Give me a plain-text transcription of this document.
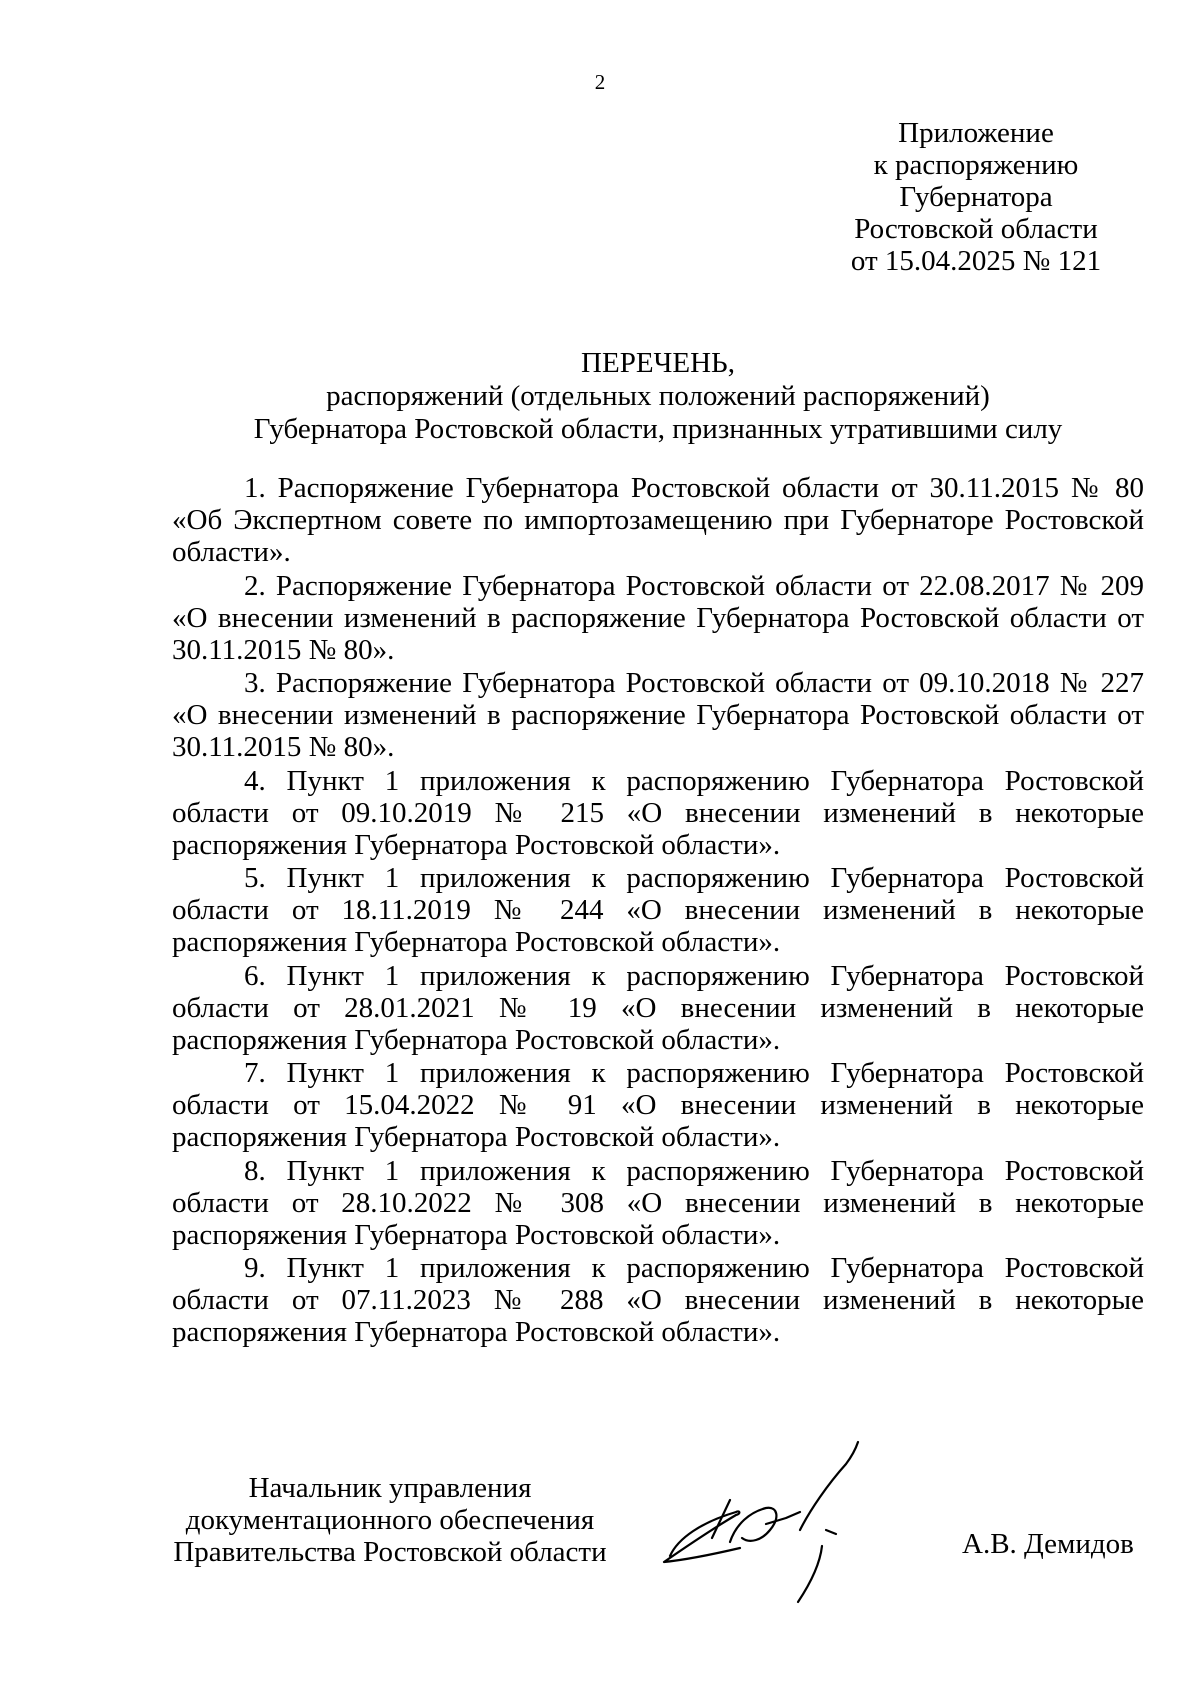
2
Приложение
к распоряжению
Губернатора
Ростовской области
от 15.04.2025 № 121
ПЕРЕЧЕНЬ,
распоряжений (отдельных положений распоряжений)
Губернатора Ростовской области, признанных утратившими силу

1. Распоряжение Губернатора Ростовской области от 30.11.2015 № 80 «Об Экспертном совете по импортозамещению при Губернаторе Ростовской области».

2. Распоряжение Губернатора Ростовской области от 22.08.2017 № 209 «О внесении изменений в распоряжение Губернатора Ростовской области от 30.11.2015 № 80».

3. Распоряжение Губернатора Ростовской области от 09.10.2018 № 227 «О внесении изменений в распоряжение Губернатора Ростовской области от 30.11.2015 № 80».

4. Пункт 1 приложения к распоряжению Губернатора Ростовской области от 09.10.2019 № 215 «О внесении изменений в некоторые распоряжения Губернатора Ростовской области».

5. Пункт 1 приложения к распоряжению Губернатора Ростовской области от 18.11.2019 № 244 «О внесении изменений в некоторые распоряжения Губернатора Ростовской области».

6. Пункт 1 приложения к распоряжению Губернатора Ростовской области от 28.01.2021 № 19 «О внесении изменений в некоторые распоряжения Губернатора Ростовской области».

7. Пункт 1 приложения к распоряжению Губернатора Ростовской области от 15.04.2022 № 91 «О внесении изменений в некоторые распоряжения Губернатора Ростовской области».

8. Пункт 1 приложения к распоряжению Губернатора Ростовской области от 28.10.2022 № 308 «О внесении изменений в некоторые распоряжения Губернатора Ростовской области».

9. Пункт 1 приложения к распоряжению Губернатора Ростовской области от 07.11.2023 № 288 «О внесении изменений в некоторые распоряжения Губернатора Ростовской области».

Начальник управления
документационного обеспечения
Правительства Ростовской области	А.В. Демидов
